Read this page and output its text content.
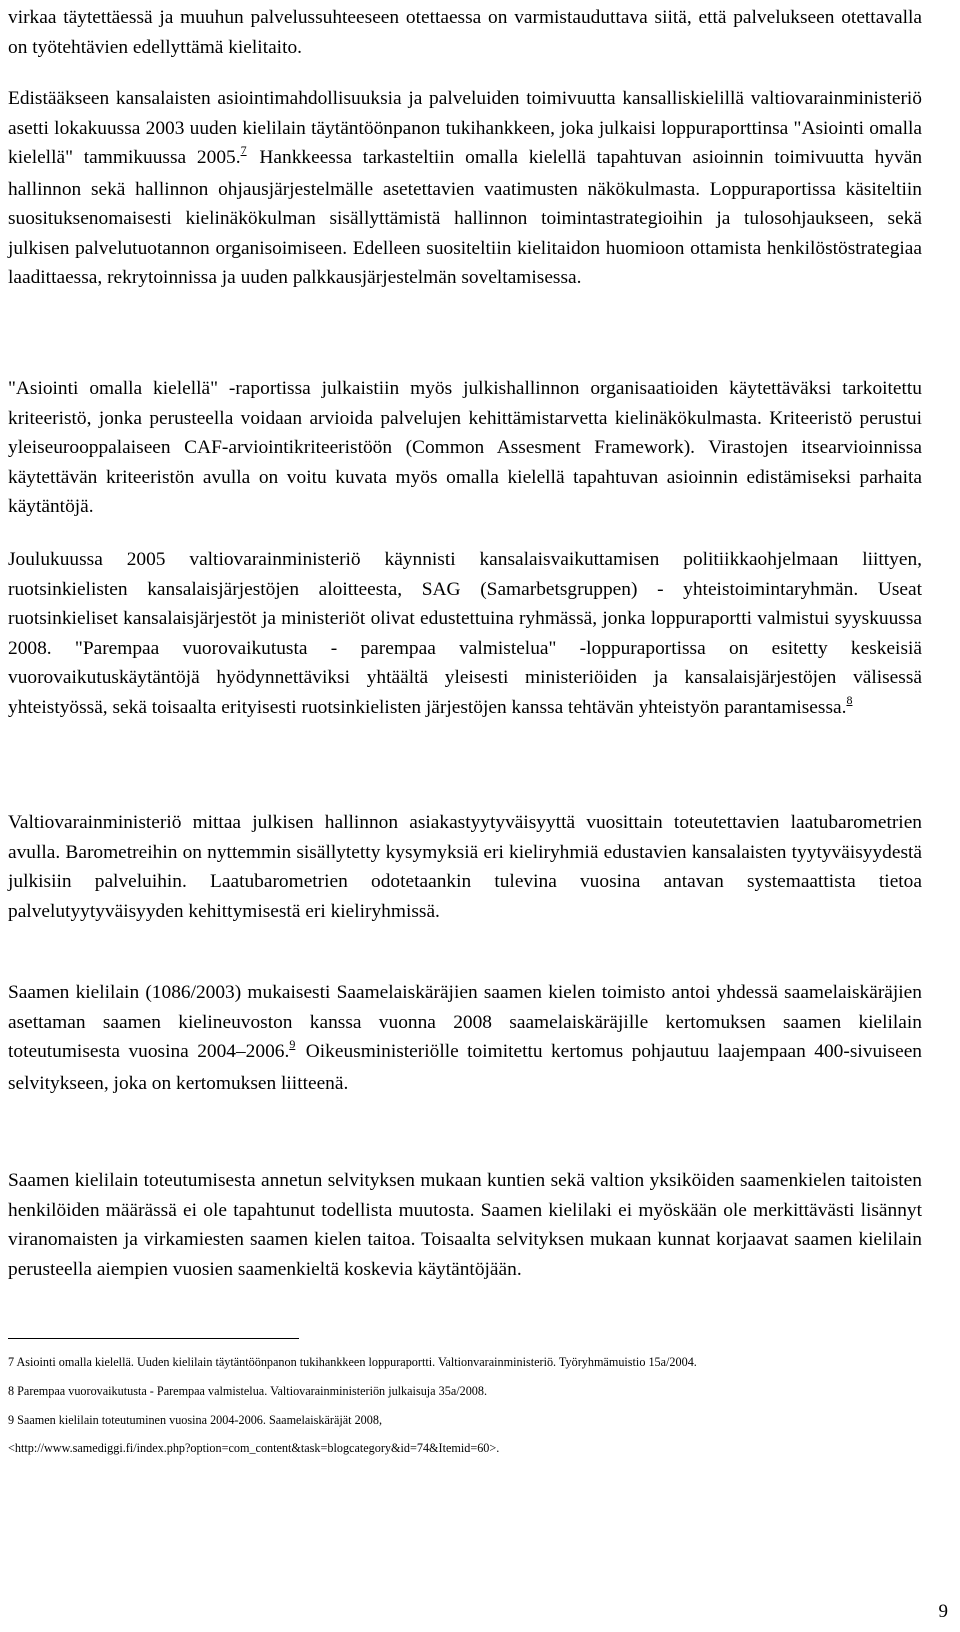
virkaa täytettäessä ja muuhun palvelussuhteeseen otettaessa on varmistauduttava siitä, että palvelukseen otettavalla on työtehtävien edellyttämä kielitaito.

Edistääkseen kansalaisten asiointimahdollisuuksia ja palveluiden toimivuutta kansalliskielillä valtiovarainministeriö asetti lokakuussa 2003 uuden kielilain täytäntöönpanon tukihankkeen, joka julkaisi loppuraporttinsa "Asiointi omalla kielellä" tammikuussa 2005.$^7$ Hankkeessa tarkasteltiin omalla kielellä tapahtuvan asioinnin toimivuutta hyvän hallinnon sekä hallinnon ohjausjärjestelmälle asetettavien vaatimusten näkökulmasta. Loppuraportissa käsiteltiin suosituksenomaisesti kielinäkökulman sisällyttämistä hallinnon toimintastrategioihin ja tulosohjaukseen, sekä julkisen palvelutuotannon organisoimiseen. Edelleen suositeltiin kielitaidon huomioon ottamista henkilöstöstrategiaa laadittaessa, rekrytoinnissa ja uuden palkkausjärjestelmän soveltamisessa.

"Asiointi omalla kielellä" -raportissa julkaistiin myös julkishallinnon organisaatioiden käytettäväksi tarkoitettu kriteeristö, jonka perusteella voidaan arvioida palvelujen kehittämistarvetta kielinäkökulmasta. Kriteeristö perustui yleiseurooppalaiseen CAF-arviointikriteeristöön (Common Assesment Framework). Virastojen itsearvioinnissa käytettävän kriteeristön avulla on voitu kuvata myös omalla kielellä tapahtuvan asioinnin edistämiseksi parhaita käytäntöjä.

Joulukuussa 2005 valtiovarainministeriö käynnisti kansalaisvaikuttamisen politiikkaohjelmaan liittyen, ruotsinkielisten kansalaisjärjestöjen aloitteesta, SAG (Samarbetsgruppen) - yhteistoimintaryhmän. Useat ruotsinkieliset kansalaisjärjestöt ja ministeriöt olivat edustettuina ryhmässä, jonka loppuraportti valmistui syyskuussa 2008. "Parempaa vuorovaikutusta - parempaa valmistelua" -loppuraportissa on esitetty keskeisiä vuorovaikutuskäytäntöjä hyödynnettäviksi yhtäältä yleisesti ministeriöiden ja kansalaisjärjestöjen välisessä yhteistyössä, sekä toisaalta erityisesti ruotsinkielisten järjestöjen kanssa tehtävän yhteistyön parantamisessa.$^8$

Valtiovarainministeriö mittaa julkisen hallinnon asiakastyytyväisyyttä vuosittain toteutettavien laatubarometrien avulla. Barometreihin on nyttemmin sisällytetty kysymyksiä eri kieliryhmiä edustavien kansalaisten tyytyväisyydestä julkisiin palveluihin. Laatubarometrien odotetaankin tulevina vuosina antavan systemaattista tietoa palvelutyytyväisyyden kehittymisestä eri kieliryhmissä.

Saamen kielilain (1086/2003) mukaisesti Saamelaiskäräjien saamen kielen toimisto antoi yhdessä saamelaiskäräjien asettaman saamen kielineuvoston kanssa vuonna 2008 saamelaiskäräjille kertomuksen saamen kielilain toteutumisesta vuosina 2004–2006.$^9$ Oikeusministeriölle toimitettu kertomus pohjautuu laajempaan 400-sivuiseen selvitykseen, joka on kertomuksen liitteenä.

Saamen kielilain toteutumisesta annetun selvityksen mukaan kuntien sekä valtion yksiköiden saamenkielen taitoisten henkilöiden määrässä ei ole tapahtunut todellista muutosta. Saamen kielilaki ei myöskään ole merkittävästi lisännyt viranomaisten ja virkamiesten saamen kielen taitoa. Toisaalta selvityksen mukaan kunnat korjaavat saamen kielilain perusteella aiempien vuosien saamenkieltä koskevia käytäntöjään.

7 Asiointi omalla kielellä. Uuden kielilain täytäntöönpanon tukihankkeen loppuraportti. Valtionvarainministeriö. Työryhmämuistio 15a/2004.

8 Parempaa vuorovaikutusta - Parempaa valmistelua. Valtiovarainministeriön julkaisuja 35a/2008.

9 Saamen kielilain toteutuminen vuosina 2004-2006. Saamelaiskäräjät 2008,

<http://www.samediggi.fi/index.php?option=com_content&task=blogcategory&id=74&Itemid=60>.

9
